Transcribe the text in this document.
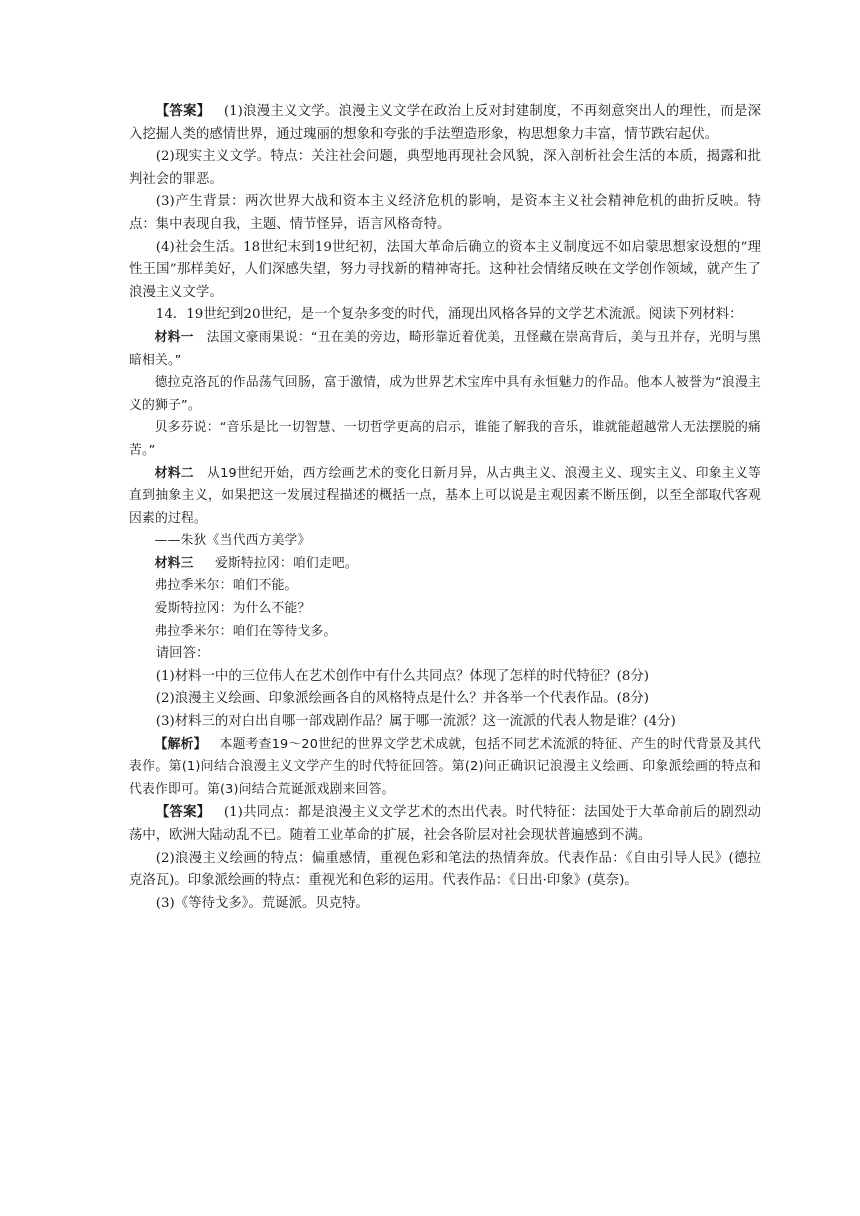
【答案】 (1)浪漫主义文学。浪漫主义文学在政治上反对封建制度，不再刻意突出人的理性，而是深入挖掘人类的感情世界，通过瑰丽的想象和夸张的手法塑造形象，构思想象力丰富，情节跌宕起伏。

(2)现实主义文学。特点：关注社会问题，典型地再现社会风貌，深入剖析社会生活的本质，揭露和批判社会的罪恶。

(3)产生背景：两次世界大战和资本主义经济危机的影响，是资本主义社会精神危机的曲折反映。特点：集中表现自我，主题、情节怪异，语言风格奇特。

(4)社会生活。18世纪末到19世纪初，法国大革命后确立的资本主义制度远不如启蒙思想家设想的“理性王国”那样美好，人们深感失望，努力寻找新的精神寄托。这种社会情绪反映在文学创作领域，就产生了浪漫主义文学。

14．19世纪到20世纪，是一个复杂多变的时代，涌现出风格各异的文学艺术流派。阅读下列材料：

材料一 法国文豪雨果说：“丑在美的旁边，畸形靠近着优美，丑怪藏在崇高背后，美与丑并存，光明与黑暗相关。”

德拉克洛瓦的作品荡气回肠，富于激情，成为世界艺术宝库中具有永恒魅力的作品。他本人被誉为“浪漫主义的狮子”。

贝多芬说：“音乐是比一切智慧、一切哲学更高的启示，谁能了解我的音乐，谁就能超越常人无法摆脱的痛苦。”

材料二 从19世纪开始，西方绘画艺术的变化日新月异，从古典主义、浪漫主义、现实主义、印象主义等直到抽象主义，如果把这一发展过程描述的概括一点，基本上可以说是主观因素不断压倒，以至全部取代客观因素的过程。

——朱狄《当代西方美学》

材料三 爱斯特拉冈：咱们走吧。

弗拉季米尔：咱们不能。

爱斯特拉冈：为什么不能？

弗拉季米尔：咱们在等待戈多。

请回答：

(1)材料一中的三位伟人在艺术创作中有什么共同点？体现了怎样的时代特征？(8分)

(2)浪漫主义绘画、印象派绘画各自的风格特点是什么？并各举一个代表作品。(8分)

(3)材料三的对白出自哪一部戏剧作品？属于哪一流派？这一流派的代表人物是谁？(4分)

【解析】 本题考查19～20世纪的世界文学艺术成就，包括不同艺术流派的特征、产生的时代背景及其代表作。第(1)问结合浪漫主义文学产生的时代特征回答。第(2)问正确识记浪漫主义绘画、印象派绘画的特点和代表作即可。第(3)问结合荒诞派戏剧来回答。

【答案】 (1)共同点：都是浪漫主义文学艺术的杰出代表。时代特征：法国处于大革命前后的剧烈动荡中，欧洲大陆动乱不已。随着工业革命的扩展，社会各阶层对社会现状普遍感到不满。

(2)浪漫主义绘画的特点：偏重感情，重视色彩和笔法的热情奔放。代表作品：《自由引导人民》(德拉克洛瓦)。印象派绘画的特点：重视光和色彩的运用。代表作品：《日出·印象》(莫奈)。

(3)《等待戈多》。荒诞派。贝克特。
